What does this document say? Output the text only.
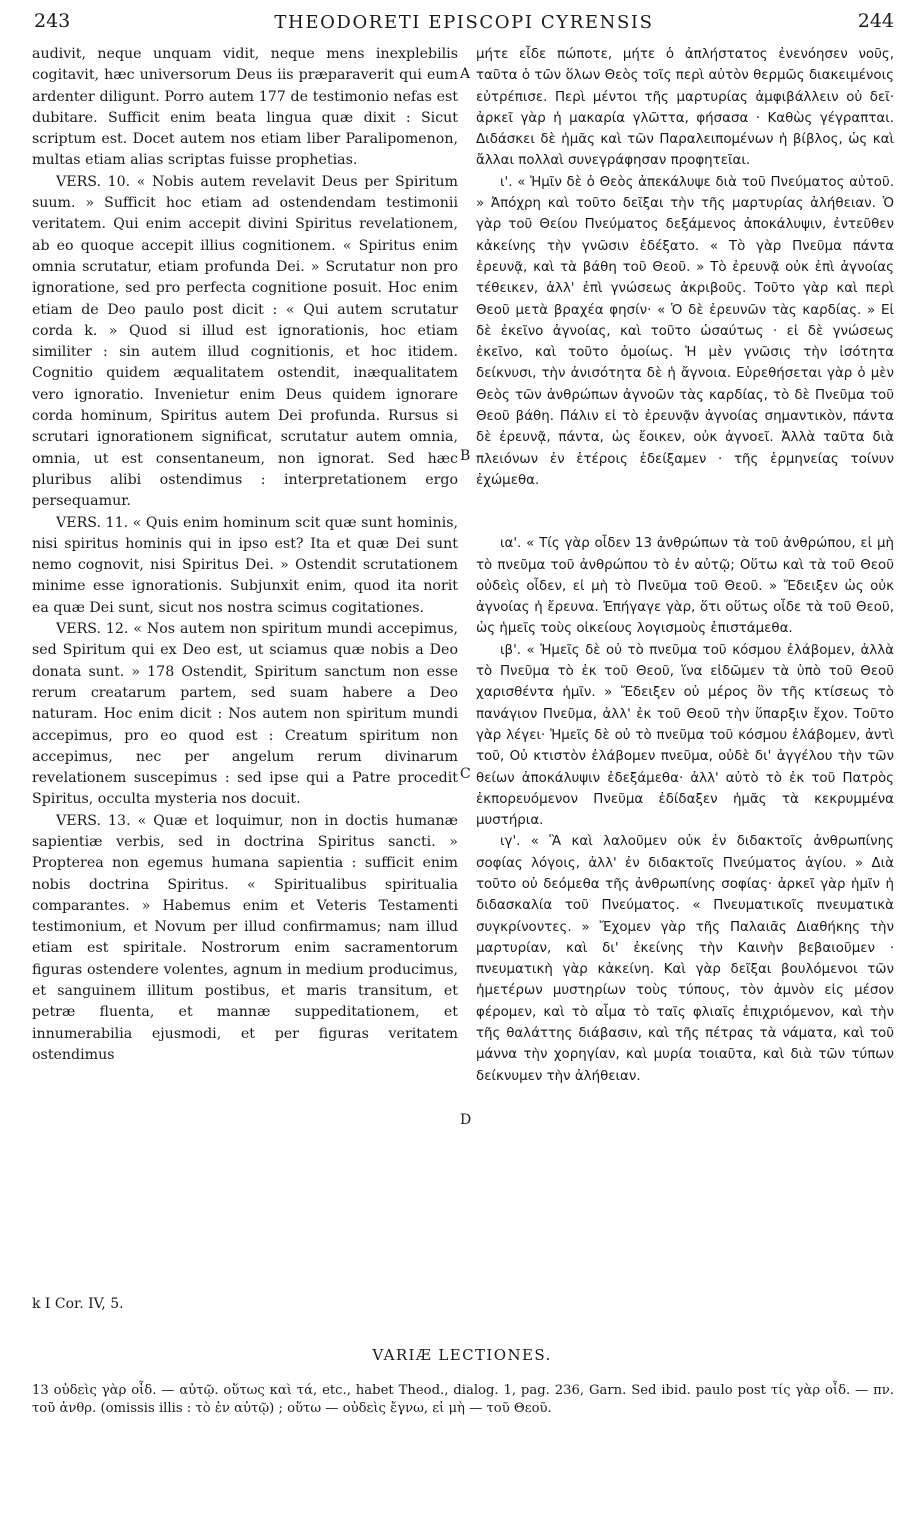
243	THEODORETI EPISCOPI CYRENSIS	244

audivit, neque unquam vidit, neque mens inexplebilis cogitavit, hæc universorum Deus iis præparaverit qui eum ardenter diligunt. Porro autem 177 de testimonio nefas est dubitare. Sufficit enim beata lingua quæ dixit : Sicut scriptum est. Docet autem nos etiam liber Paralipomenon, multas etiam alias scriptas fuisse prophetias.

VERS. 10. « Nobis autem revelavit Deus per Spiritum suum. » Sufficit hoc etiam ad ostendendam testimonii veritatem. Qui enim accepit divini Spiritus revelationem, ab eo quoque accepit illius cognitionem. « Spiritus enim omnia scrutatur, etiam profunda Dei. » Scrutatur non pro ignoratione, sed pro perfecta cognitione posuit. Hoc enim etiam de Deo paulo post dicit : « Qui autem scrutatur corda k. » Quod si illud est ignorationis, hoc etiam similiter : sin autem illud cognitionis, et hoc itidem. Cognitio quidem æqualitatem ostendit, inæqualitatem vero ignoratio. Invenietur enim Deus quidem ignorare corda hominum, Spiritus autem Dei profunda. Rursus si scrutari ignorationem significat, scrutatur autem omnia, omnia, ut est consentaneum, non ignorat. Sed hæc pluribus alibi ostendimus : interpretationem ergo persequamur.

VERS. 11. « Quis enim hominum scit quæ sunt hominis, nisi spiritus hominis qui in ipso est? Ita et quæ Dei sunt nemo cognovit, nisi Spiritus Dei. » Ostendit scrutationem minime esse ignorationis. Subjunxit enim, quod ita norit ea quæ Dei sunt, sicut nos nostra scimus cogitationes.

VERS. 12. « Nos autem non spiritum mundi accepimus, sed Spiritum qui ex Deo est, ut sciamus quæ nobis a Deo donata sunt. » 178 Ostendit, Spiritum sanctum non esse rerum creatarum partem, sed suam habere a Deo naturam. Hoc enim dicit : Nos autem non spiritum mundi accepimus, pro eo quod est : Creatum spiritum non accepimus, nec per angelum rerum divinarum revelationem suscepimus : sed ipse qui a Patre procedit Spiritus, occulta mysteria nos docuit.

VERS. 13. « Quæ et loquimur, non in doctis humanæ sapientiæ verbis, sed in doctrina Spiritus sancti. » Propterea non egemus humana sapientia : sufficit enim nobis doctrina Spiritus. « Spiritualibus spiritualia comparantes. » Habemus enim et Veteris Testamenti testimonium, et Novum per illud confirmamus; nam illud etiam est spiritale. Nostrorum enim sacramentorum figuras ostendere volentes, agnum in medium producimus, et sanguinem illitum postibus, et maris transitum, et petræ fluenta, et mannæ suppeditationem, et innumerabilia ejusmodi, et per figuras veritatem ostendimus

A
B
C
D

μήτε εἶδε πώποτε, μήτε ὁ ἀπλήστατος ἐνενόησεν νοῦς, ταῦτα ὁ τῶν ὅλων Θεὸς τοῖς περὶ αὐτὸν θερμῶς διακειμένοις εὐτρέπισε. Περὶ μέντοι τῆς μαρτυρίας ἀμφιβάλλειν οὐ δεῖ· ἀρκεῖ γὰρ ἡ μακαρία γλῶττα, φήσασα · Καθὼς γέγραπται. Διδάσκει δὲ ἡμᾶς καὶ τῶν Παραλειπομένων ἡ βίβλος, ὡς καὶ ἄλλαι πολλαὶ συνεγράφησαν προφητεῖαι.

ι'. « Ἡμῖν δὲ ὁ Θεὸς ἀπεκάλυψε διὰ τοῦ Πνεύματος αὐτοῦ. » Ἀπόχρη καὶ τοῦτο δεῖξαι τὴν τῆς μαρτυρίας ἀλήθειαν. Ὁ γὰρ τοῦ Θείου Πνεύματος δεξάμενος ἀποκάλυψιν, ἐντεῦθεν κἀκείνης τὴν γνῶσιν ἐδέξατο. « Τὸ γὰρ Πνεῦμα πάντα ἐρευνᾷ, καὶ τὰ βάθη τοῦ Θεοῦ. » Τὸ ἐρευνᾷ οὐκ ἐπὶ ἀγνοίας τέθεικεν, ἀλλ' ἐπὶ γνώσεως ἀκριβοῦς. Τοῦτο γὰρ καὶ περὶ Θεοῦ μετὰ βραχέα φησίν· « Ὁ δὲ ἐρευνῶν τὰς καρδίας. » Εἰ δὲ ἐκεῖνο ἀγνοίας, καὶ τοῦτο ὡσαύτως · εἰ δὲ γνώσεως ἐκεῖνο, καὶ τοῦτο ὁμοίως. Ἡ μὲν γνῶσις τὴν ἰσότητα δείκνυσι, τὴν ἀνισότητα δὲ ἡ ἄγνοια. Εὑρεθήσεται γὰρ ὁ μὲν Θεὸς τῶν ἀνθρώπων ἀγνοῶν τὰς καρδίας, τὸ δὲ Πνεῦμα τοῦ Θεοῦ βάθη. Πάλιν εἰ τὸ ἐρευνᾷν ἀγνοίας σημαντικὸν, πάντα δὲ ἐρευνᾷ, πάντα, ὡς ἔοικεν, οὐκ ἀγνοεῖ. Ἀλλὰ ταῦτα διὰ πλειόνων ἐν ἑτέροις ἐδείξαμεν · τῆς ἑρμηνείας τοίνυν ἐχώμεθα.

ια'. « Τίς γὰρ οἶδεν 13 ἀνθρώπων τὰ τοῦ ἀνθρώπου, εἰ μὴ τὸ πνεῦμα τοῦ ἀνθρώπου τὸ ἐν αὐτῷ; Οὕτω καὶ τὰ τοῦ Θεοῦ οὐδεὶς οἶδεν, εἰ μὴ τὸ Πνεῦμα τοῦ Θεοῦ. » Ἔδειξεν ὡς οὐκ ἀγνοίας ἡ ἔρευνα. Ἐπήγαγε γὰρ, ὅτι οὕτως οἶδε τὰ τοῦ Θεοῦ, ὡς ἡμεῖς τοὺς οἰκείους λογισμοὺς ἐπιστάμεθα.

ιβ'. « Ἡμεῖς δὲ οὐ τὸ πνεῦμα τοῦ κόσμου ἐλάβομεν, ἀλλὰ τὸ Πνεῦμα τὸ ἐκ τοῦ Θεοῦ, ἵνα εἰδῶμεν τὰ ὑπὸ τοῦ Θεοῦ χαρισθέντα ἡμῖν. » Ἔδειξεν οὐ μέρος ὂν τῆς κτίσεως τὸ πανάγιον Πνεῦμα, ἀλλ' ἐκ τοῦ Θεοῦ τὴν ὕπαρξιν ἔχον. Τοῦτο γὰρ λέγει· Ἡμεῖς δὲ οὐ τὸ πνεῦμα τοῦ κόσμου ἐλάβομεν, ἀντὶ τοῦ, Οὐ κτιστὸν ἐλάβομεν πνεῦμα, οὐδὲ δι' ἀγγέλου τὴν τῶν θείων ἀποκάλυψιν ἐδεξάμεθα· ἀλλ' αὐτὸ τὸ ἐκ τοῦ Πατρὸς ἐκπορευόμενον Πνεῦμα ἐδίδαξεν ἡμᾶς τὰ κεκρυμμένα μυστήρια.

ιγ'. « Ἃ καὶ λαλοῦμεν οὐκ ἐν διδακτοῖς ἀνθρωπίνης σοφίας λόγοις, ἀλλ' ἐν διδακτοῖς Πνεύματος ἁγίου. » Διὰ τοῦτο οὐ δεόμεθα τῆς ἀνθρωπίνης σοφίας· ἀρκεῖ γὰρ ἡμῖν ἡ διδασκαλία τοῦ Πνεύματος. « Πνευματικοῖς πνευματικὰ συγκρίνοντες. » Ἔχομεν γὰρ τῆς Παλαιᾶς Διαθήκης τὴν μαρτυρίαν, καὶ δι' ἐκείνης τὴν Καινὴν βεβαιοῦμεν · πνευματικὴ γὰρ κἀκείνη. Καὶ γὰρ δεῖξαι βουλόμενοι τῶν ἡμετέρων μυστηρίων τοὺς τύπους, τὸν ἀμνὸν εἰς μέσον φέρομεν, καὶ τὸ αἷμα τὸ ταῖς φλιαῖς ἐπιχριόμενον, καὶ τὴν τῆς θαλάττης διάβασιν, καὶ τῆς πέτρας τὰ νάματα, καὶ τοῦ μάννα τὴν χορηγίαν, καὶ μυρία τοιαῦτα, καὶ διὰ τῶν τύπων δείκνυμεν τὴν ἀλήθειαν.

k I Cor. IV, 5.
VARIÆ LECTIONES.
13 οὐδεὶς γὰρ οἶδ. — αὐτῷ. οὕτως καὶ τά, etc., habet Theod., dialog. 1, pag. 236, Garn. Sed ibid. paulo post τίς γὰρ οἶδ. — πν. τοῦ ἀνθρ. (omissis illis : τὸ ἐν αὐτῷ) ; οὕτω — οὐδεὶς ἔγνω, εἰ μὴ — τοῦ Θεοῦ.
